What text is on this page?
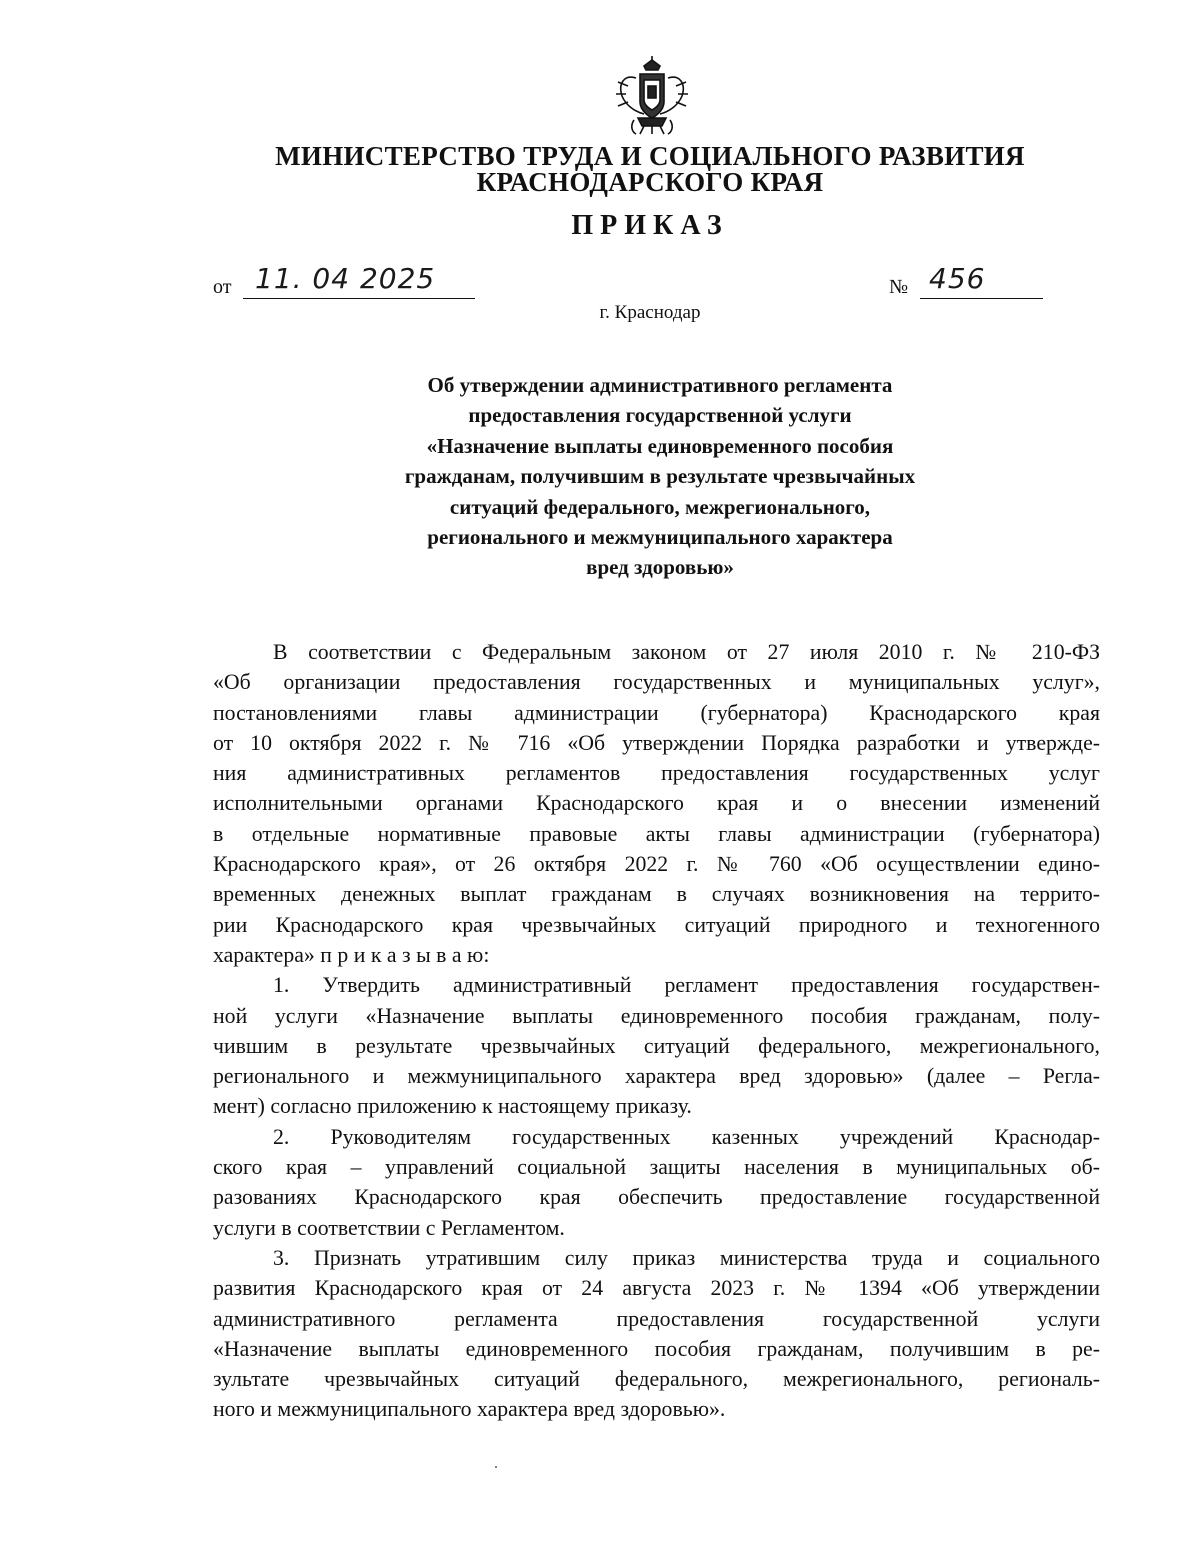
МИНИСТЕРСТВО ТРУДА И СОЦИАЛЬНОГО РАЗВИТИЯ
КРАСНОДАРСКОГО КРАЯ
ПРИКАЗ
от 11. 04 2025	№ 456
г. Краснодар
Об утверждении административного регламента
предоставления государственной услуги
«Назначение выплаты единовременного пособия
гражданам, получившим в результате чрезвычайных
ситуаций федерального, межрегионального,
регионального и межмуниципального характера
вред здоровью»
В соответствии с Федеральным законом от 27 июля 2010 г. № 210-ФЗ
«Об организации предоставления государственных и муниципальных услуг»,
постановлениями главы администрации (губернатора) Краснодарского края
от 10 октября 2022 г. № 716 «Об утверждении Порядка разработки и утвержде-
ния административных регламентов предоставления государственных услуг
исполнительными органами Краснодарского края и о внесении изменений
в отдельные нормативные правовые акты главы администрации (губернатора)
Краснодарского края», от 26 октября 2022 г. № 760 «Об осуществлении едино-
временных денежных выплат гражданам в случаях возникновения на террито-
рии Краснодарского края чрезвычайных ситуаций природного и техногенного
характера» п р и к а з ы в а ю:
1. Утвердить административный регламент предоставления государствен-
ной услуги «Назначение выплаты единовременного пособия гражданам, полу-
чившим в результате чрезвычайных ситуаций федерального, межрегионального,
регионального и межмуниципального характера вред здоровью» (далее – Регла-
мент) согласно приложению к настоящему приказу.
2. Руководителям государственных казенных учреждений Краснодар-
ского края – управлений социальной защиты населения в муниципальных об-
разованиях Краснодарского края обеспечить предоставление государственной
услуги в соответствии с Регламентом.
3. Признать утратившим силу приказ министерства труда и социального
развития Краснодарского края от 24 августа 2023 г. № 1394 «Об утверждении
административного регламента предоставления государственной услуги
«Назначение выплаты единовременного пособия гражданам, получившим в ре-
зультате чрезвычайных ситуаций федерального, межрегионального, региональ-
ного и межмуниципального характера вред здоровью».
